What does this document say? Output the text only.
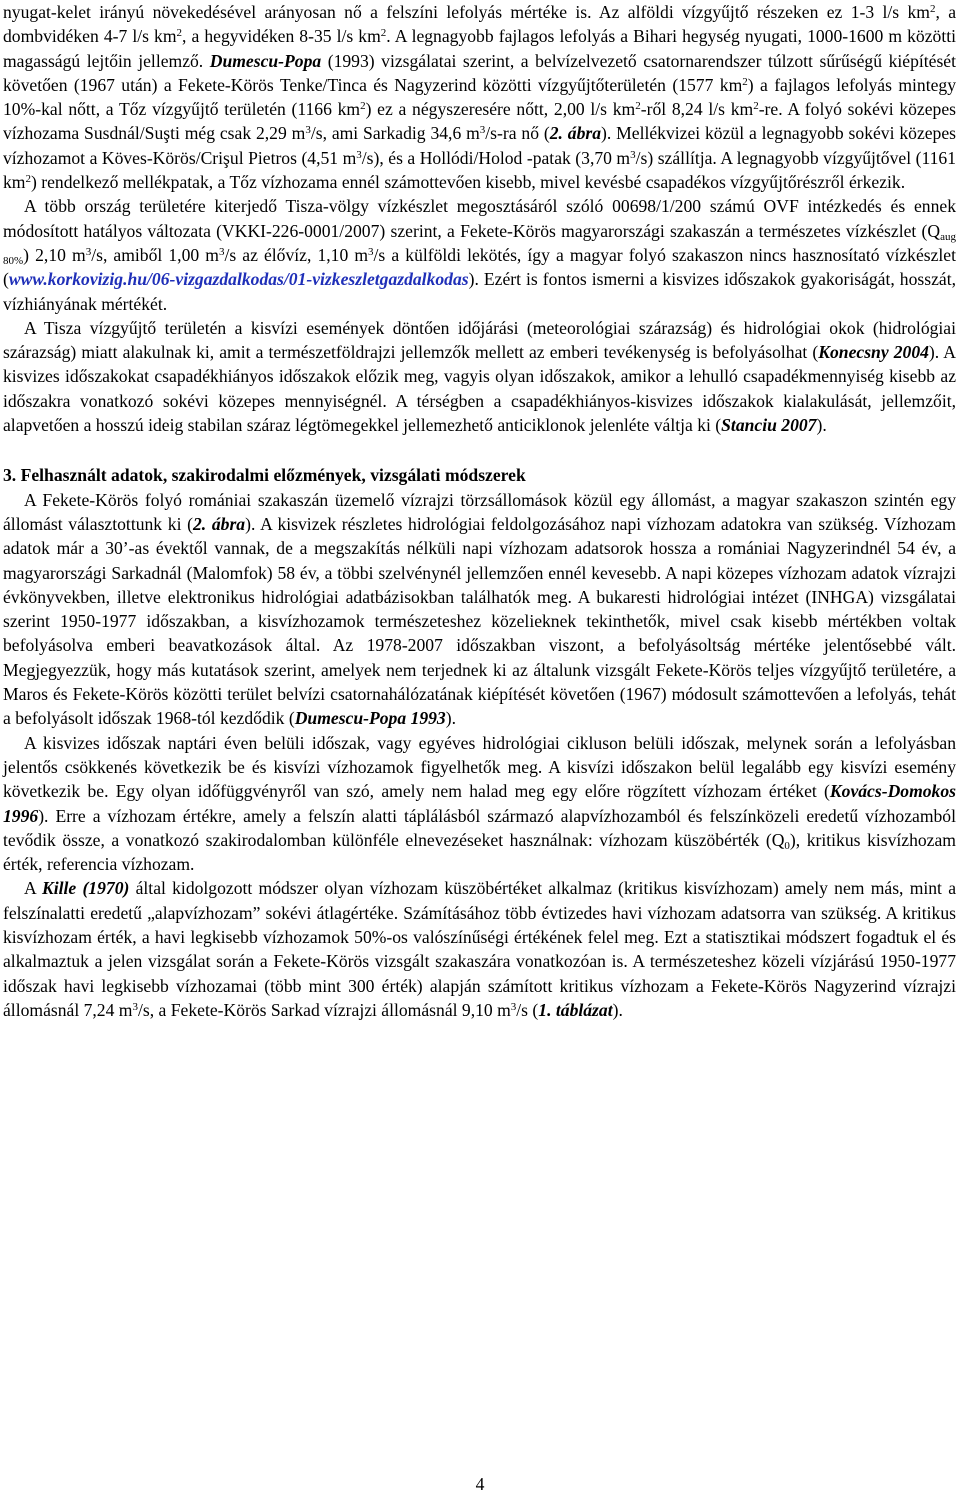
nyugat-kelet irányú növekedésével arányosan nő a felszíni lefolyás mértéke is. Az alföldi vízgyűjtő részeken ez 1-3 l/s $km^2$, a dombvidéken 4-7 l/s $km^2$, a hegyvidéken 8-35 l/s $km^2$. A legnagyobb fajlagos lefolyás a Bihari hegység nyugati, 1000-1600 m közötti magasságú lejtőin jellemző. Dumescu-Popa (1993) vizsgálatai szerint, a belvízelvezető csatornarendszer túlzott sűrűségű kiépítését követően (1967 után) a Fekete-Körös Tenke/Tinca és Nagyzerind közötti vízgyűjtőterületén (1577 $km^2$) a fajlagos lefolyás mintegy 10%-kal nőtt, a Tőz vízgyűjtő területén (1166 $km^2$) ez a négyszeresére nőtt, 2,00 l/s $km^2$-ről 8,24 l/s $km^2-re$. A folyó sokévi közepes vízhozama Susdnál/Suşti még csak 2,29 $m^3/s$, ami Sarkadig 34,6 $m^3/s-ra$ nő (2. ábra). Mellékvizei közül a legnagyobb sokévi közepes vízhozamot a Köves-Körös/Crişul Pietros (4,51 $m^3/s$), és a Hollódi/Holod -patak (3,70 $m^3/s$) szállítja. A legnagyobb vízgyűjtővel (1161 $km^2$) rendelkező mellékpatak, a Tőz vízhozama ennél számottevően kisebb, mivel kevésbé csapadékos vízgyűjtőrészről érkezik.

A több ország területére kiterjedő Tisza-völgy vízkészlet megosztásáról szóló 00698/1/200 számú OVF intézkedés és ennek módosított hatályos változata (VKKI-226-0001/2007) szerint, a Fekete-Körös magyarországi szakaszán a természetes vízkészlet $(Q_{aug 80\%})$ 2,10 $m^3/s$, amiből 1,00 $m^3/s$ az élővíz, 1,10 $m^3/s$ a külföldi lekötés, így a magyar folyó szakaszon nincs hasznosítató vízkészlet (www.korkovizig.hu/06-vizgazdalkodas/01-vizkeszletgazdalkodas). Ezért is fontos ismerni a kisvizes időszakok gyakoriságát, hosszát, vízhiányának mértékét.

A Tisza vízgyűjtő területén a kisvízi események döntően időjárási (meteorológiai szárazság) és hidrológiai okok (hidrológiai szárazság) miatt alakulnak ki, amit a természetföldrajzi jellemzők mellett az emberi tevékenység is befolyásolhat (Konecsny 2004). A kisvizes időszakokat csapadékhiányos időszakok előzik meg, vagyis olyan időszakok, amikor a lehulló csapadékmennyiség kisebb az időszakra vonatkozó sokévi közepes mennyiségnél. A térségben a csapadékhiányos-kisvizes időszakok kialakulását, jellemzőit, alapvetően a hosszú ideig stabilan száraz légtömegekkel jellemezhető anticiklonok jelenléte váltja ki (Stanciu 2007).

3. Felhasznált adatok, szakirodalmi előzmények, vizsgálati módszerek

A Fekete-Körös folyó romániai szakaszán üzemelő vízrajzi törzsállomások közül egy állomást, a magyar szakaszon szintén egy állomást választottunk ki (2. ábra). A kisvizek részletes hidrológiai feldolgozásához napi vízhozam adatokra van szükség. Vízhozam adatok már a 30’-as évektől vannak, de a megszakítás nélküli napi vízhozam adatsorok hossza a romániai Nagyzerindnél 54 év, a magyarországi Sarkadnál (Malomfok) 58 év, a többi szelvénynél jellemzően ennél kevesebb. A napi közepes vízhozam adatok vízrajzi évkönyvekben, illetve elektronikus hidrológiai adatbázisokban találhatók meg. A bukaresti hidrológiai intézet (INHGA) vizsgálatai szerint 1950-1977 időszakban, a kisvízhozamok természeteshez közelieknek tekinthetők, mivel csak kisebb mértékben voltak befolyásolva emberi beavatkozások által. Az 1978-2007 időszakban viszont, a befolyásoltság mértéke jelentősebbé vált. Megjegyezzük, hogy más kutatások szerint, amelyek nem terjednek ki az általunk vizsgált Fekete-Körös teljes vízgyűjtő területére, a Maros és Fekete-Körös közötti terület belvízi csatornahálózatának kiépítését követően (1967) módosult számottevően a lefolyás, tehát a befolyásolt időszak 1968-tól kezdődik (Dumescu-Popa 1993).

A kisvizes időszak naptári éven belüli időszak, vagy egyéves hidrológiai cikluson belüli időszak, melynek során a lefolyásban jelentős csökkenés következik be és kisvízi vízhozamok figyelhetők meg. A kisvízi időszakon belül legalább egy kisvízi esemény következik be. Egy olyan időfüggvényről van szó, amely nem halad meg egy előre rögzített vízhozam értéket (Kovács-Domokos 1996). Erre a vízhozam értékre, amely a felszín alatti táplálásból származó alapvízhozamból és felszínközeli eredetű vízhozamból tevődik össze, a vonatkozó szakirodalomban különféle elnevezéseket használnak: vízhozam küszöbérték $(Q_0)$, kritikus kisvízhozam érték, referencia vízhozam.

A Kille (1970) által kidolgozott módszer olyan vízhozam küszöbértéket alkalmaz (kritikus kisvízhozam) amely nem más, mint a felszínalatti eredetű „alapvízhozam” sokévi átlagértéke. Számításához több évtizedes havi vízhozam adatsorra van szükség. A kritikus kisvízhozam érték, a havi legkisebb vízhozamok 50%-os valószínűségi értékének felel meg. Ezt a statisztikai módszert fogadtuk el és alkalmaztuk a jelen vizsgálat során a Fekete-Körös vizsgált szakaszára vonatkozóan is. A természeteshez közeli vízjárású 1950-1977 időszak havi legkisebb vízhozamai (több mint 300 érték) alapján számított kritikus vízhozam a Fekete-Körös Nagyzerind vízrajzi állomásnál 7,24 $m^3/s$, a Fekete-Körös Sarkad vízrajzi állomásnál 9,10 $m^3/s$ (1. táblázat).

4
